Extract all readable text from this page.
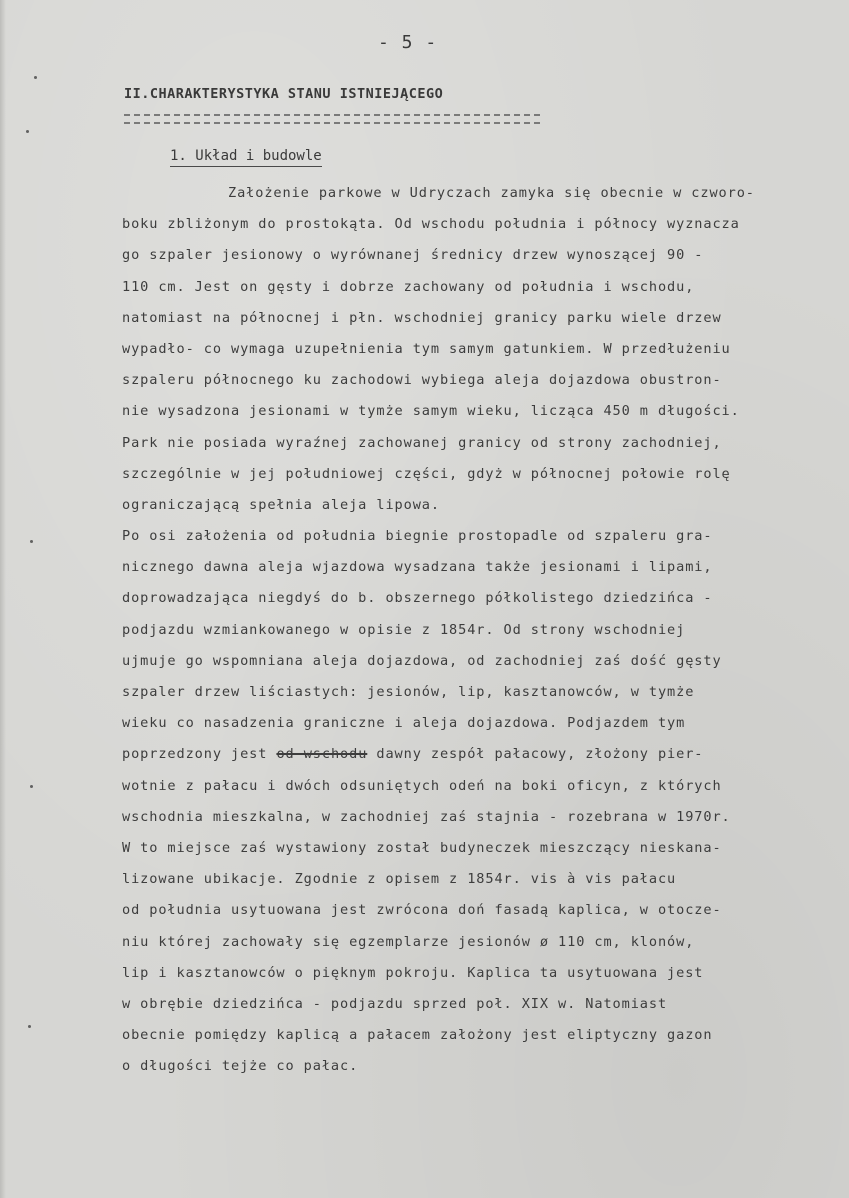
- 5 -
II.CHARAKTERYSTYKA STANU ISTNIEJĄCEGO
1. Układ i budowle
Założenie parkowe w Udryczach zamyka się obecnie w czworo-
boku zbliżonym do prostokąta. Od wschodu południa i północy wyznacza
go szpaler jesionowy o wyrównanej średnicy drzew wynoszącej 90 -
110 cm. Jest on gęsty i dobrze zachowany od południa i wschodu,
natomiast na północnej i płn. wschodniej granicy parku wiele drzew
wypadło- co wymaga uzupełnienia tym samym gatunkiem. W przedłużeniu
szpaleru północnego ku zachodowi wybiega aleja dojazdowa obustron-
nie wysadzona jesionami w tymże samym wieku, licząca 450 m długości.
Park nie posiada wyraźnej zachowanej granicy od strony zachodniej,
szczególnie w jej południowej części, gdyż w północnej połowie rolę
ograniczającą spełnia aleja lipowa.
Po osi założenia od południa biegnie prostopadle od szpaleru gra-
nicznego dawna aleja wjazdowa wysadzana także jesionami i lipami,
doprowadzająca niegdyś do b. obszernego półkolistego dziedzińca -
podjazdu wzmiankowanego w opisie z 1854r. Od strony wschodniej
ujmuje go wspomniana aleja dojazdowa, od zachodniej zaś dość gęsty
szpaler drzew liściastych: jesionów, lip, kasztanowców, w tymże
wieku co nasadzenia graniczne i aleja dojazdowa. Podjazdem tym
poprzedzony jest od wschodu dawny zespół pałacowy, złożony pier-
wotnie z pałacu i dwóch odsuniętych odeń na boki oficyn, z których
wschodnia mieszkalna, w zachodniej zaś stajnia - rozebrana w 1970r.
W to miejsce zaś wystawiony został budyneczek mieszczący nieskana-
lizowane ubikacje. Zgodnie z opisem z 1854r. vis à vis pałacu
od południa usytuowana jest zwrócona doń fasadą kaplica, w otocze-
niu której zachowały się egzemplarze jesionów ø 110 cm, klonów,
lip i kasztanowców o pięknym pokroju. Kaplica ta usytuowana jest
w obrębie dziedzińca - podjazdu sprzed poł. XIX w. Natomiast
obecnie pomiędzy kaplicą a pałacem założony jest eliptyczny gazon
o długości tejże co pałac.
